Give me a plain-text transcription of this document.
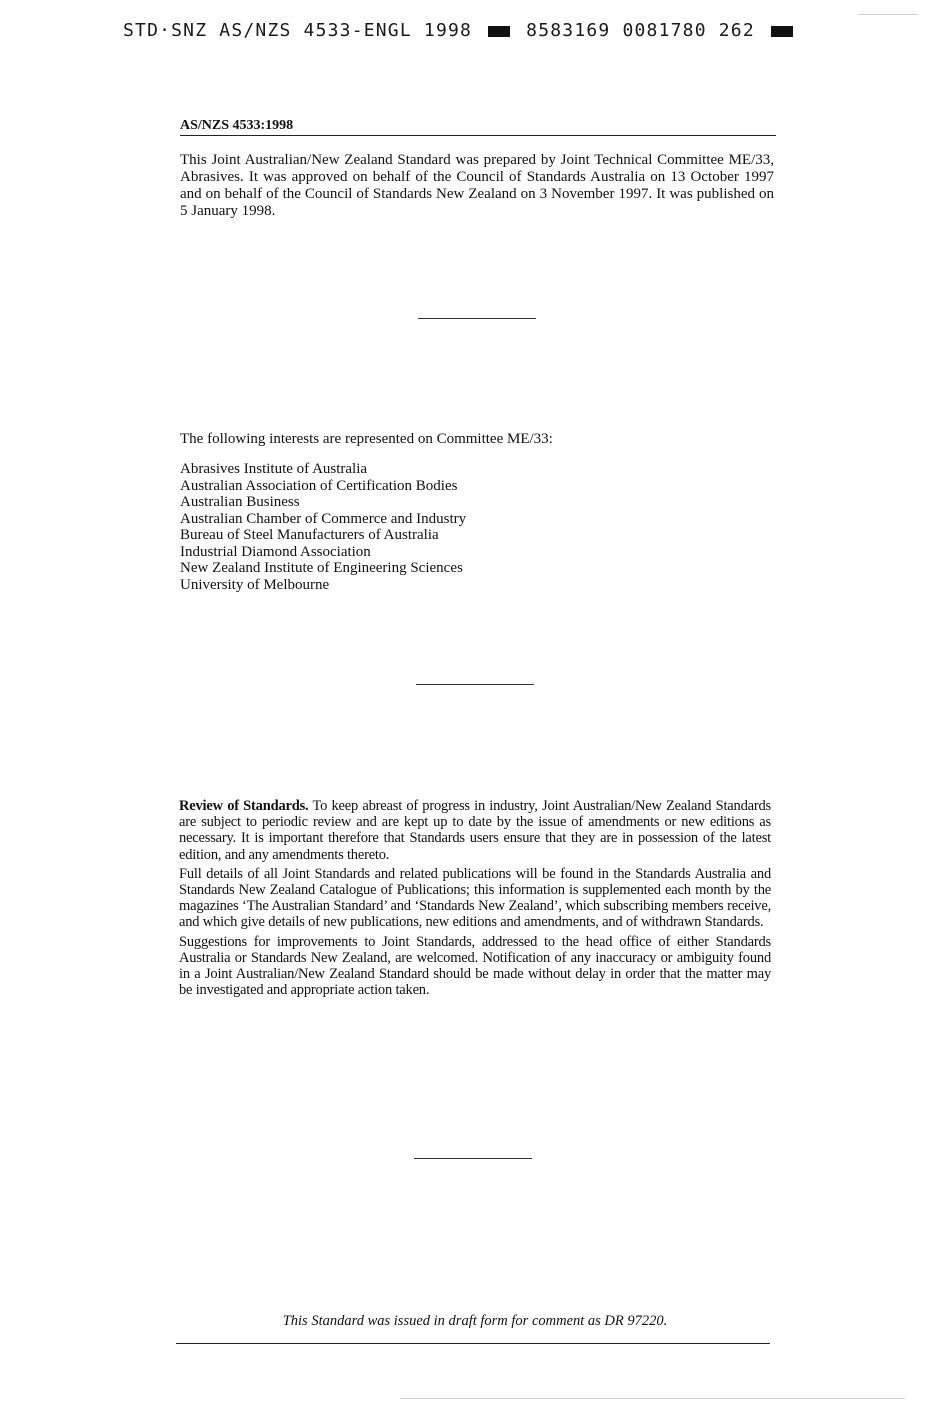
STD·SNZ AS/NZS 4533-ENGL 1998	8583169 0081780 262
AS/NZS 4533:1998
This Joint Australian/New Zealand Standard was prepared by Joint Technical Committee ME/33, Abrasives. It was approved on behalf of the Council of Standards Australia on 13 October 1997 and on behalf of the Council of Standards New Zealand on 3 November 1997. It was published on 5 January 1998.
The following interests are represented on Committee ME/33:
Abrasives Institute of Australia
Australian Association of Certification Bodies
Australian Business
Australian Chamber of Commerce and Industry
Bureau of Steel Manufacturers of Australia
Industrial Diamond Association
New Zealand Institute of Engineering Sciences
University of Melbourne

Review of Standards. To keep abreast of progress in industry, Joint Australian/New Zealand Standards are subject to periodic review and are kept up to date by the issue of amendments or new editions as necessary. It is important therefore that Standards users ensure that they are in possession of the latest edition, and any amendments thereto.

Full details of all Joint Standards and related publications will be found in the Standards Australia and Standards New Zealand Catalogue of Publications; this information is supplemented each month by the magazines ‘The Australian Standard’ and ‘Standards New Zealand’, which subscribing members receive, and which give details of new publications, new editions and amendments, and of withdrawn Standards.

Suggestions for improvements to Joint Standards, addressed to the head office of either Standards Australia or Standards New Zealand, are welcomed. Notification of any inaccuracy or ambiguity found in a Joint Australian/New Zealand Standard should be made without delay in order that the matter may be investigated and appropriate action taken.

This Standard was issued in draft form for comment as DR 97220.
